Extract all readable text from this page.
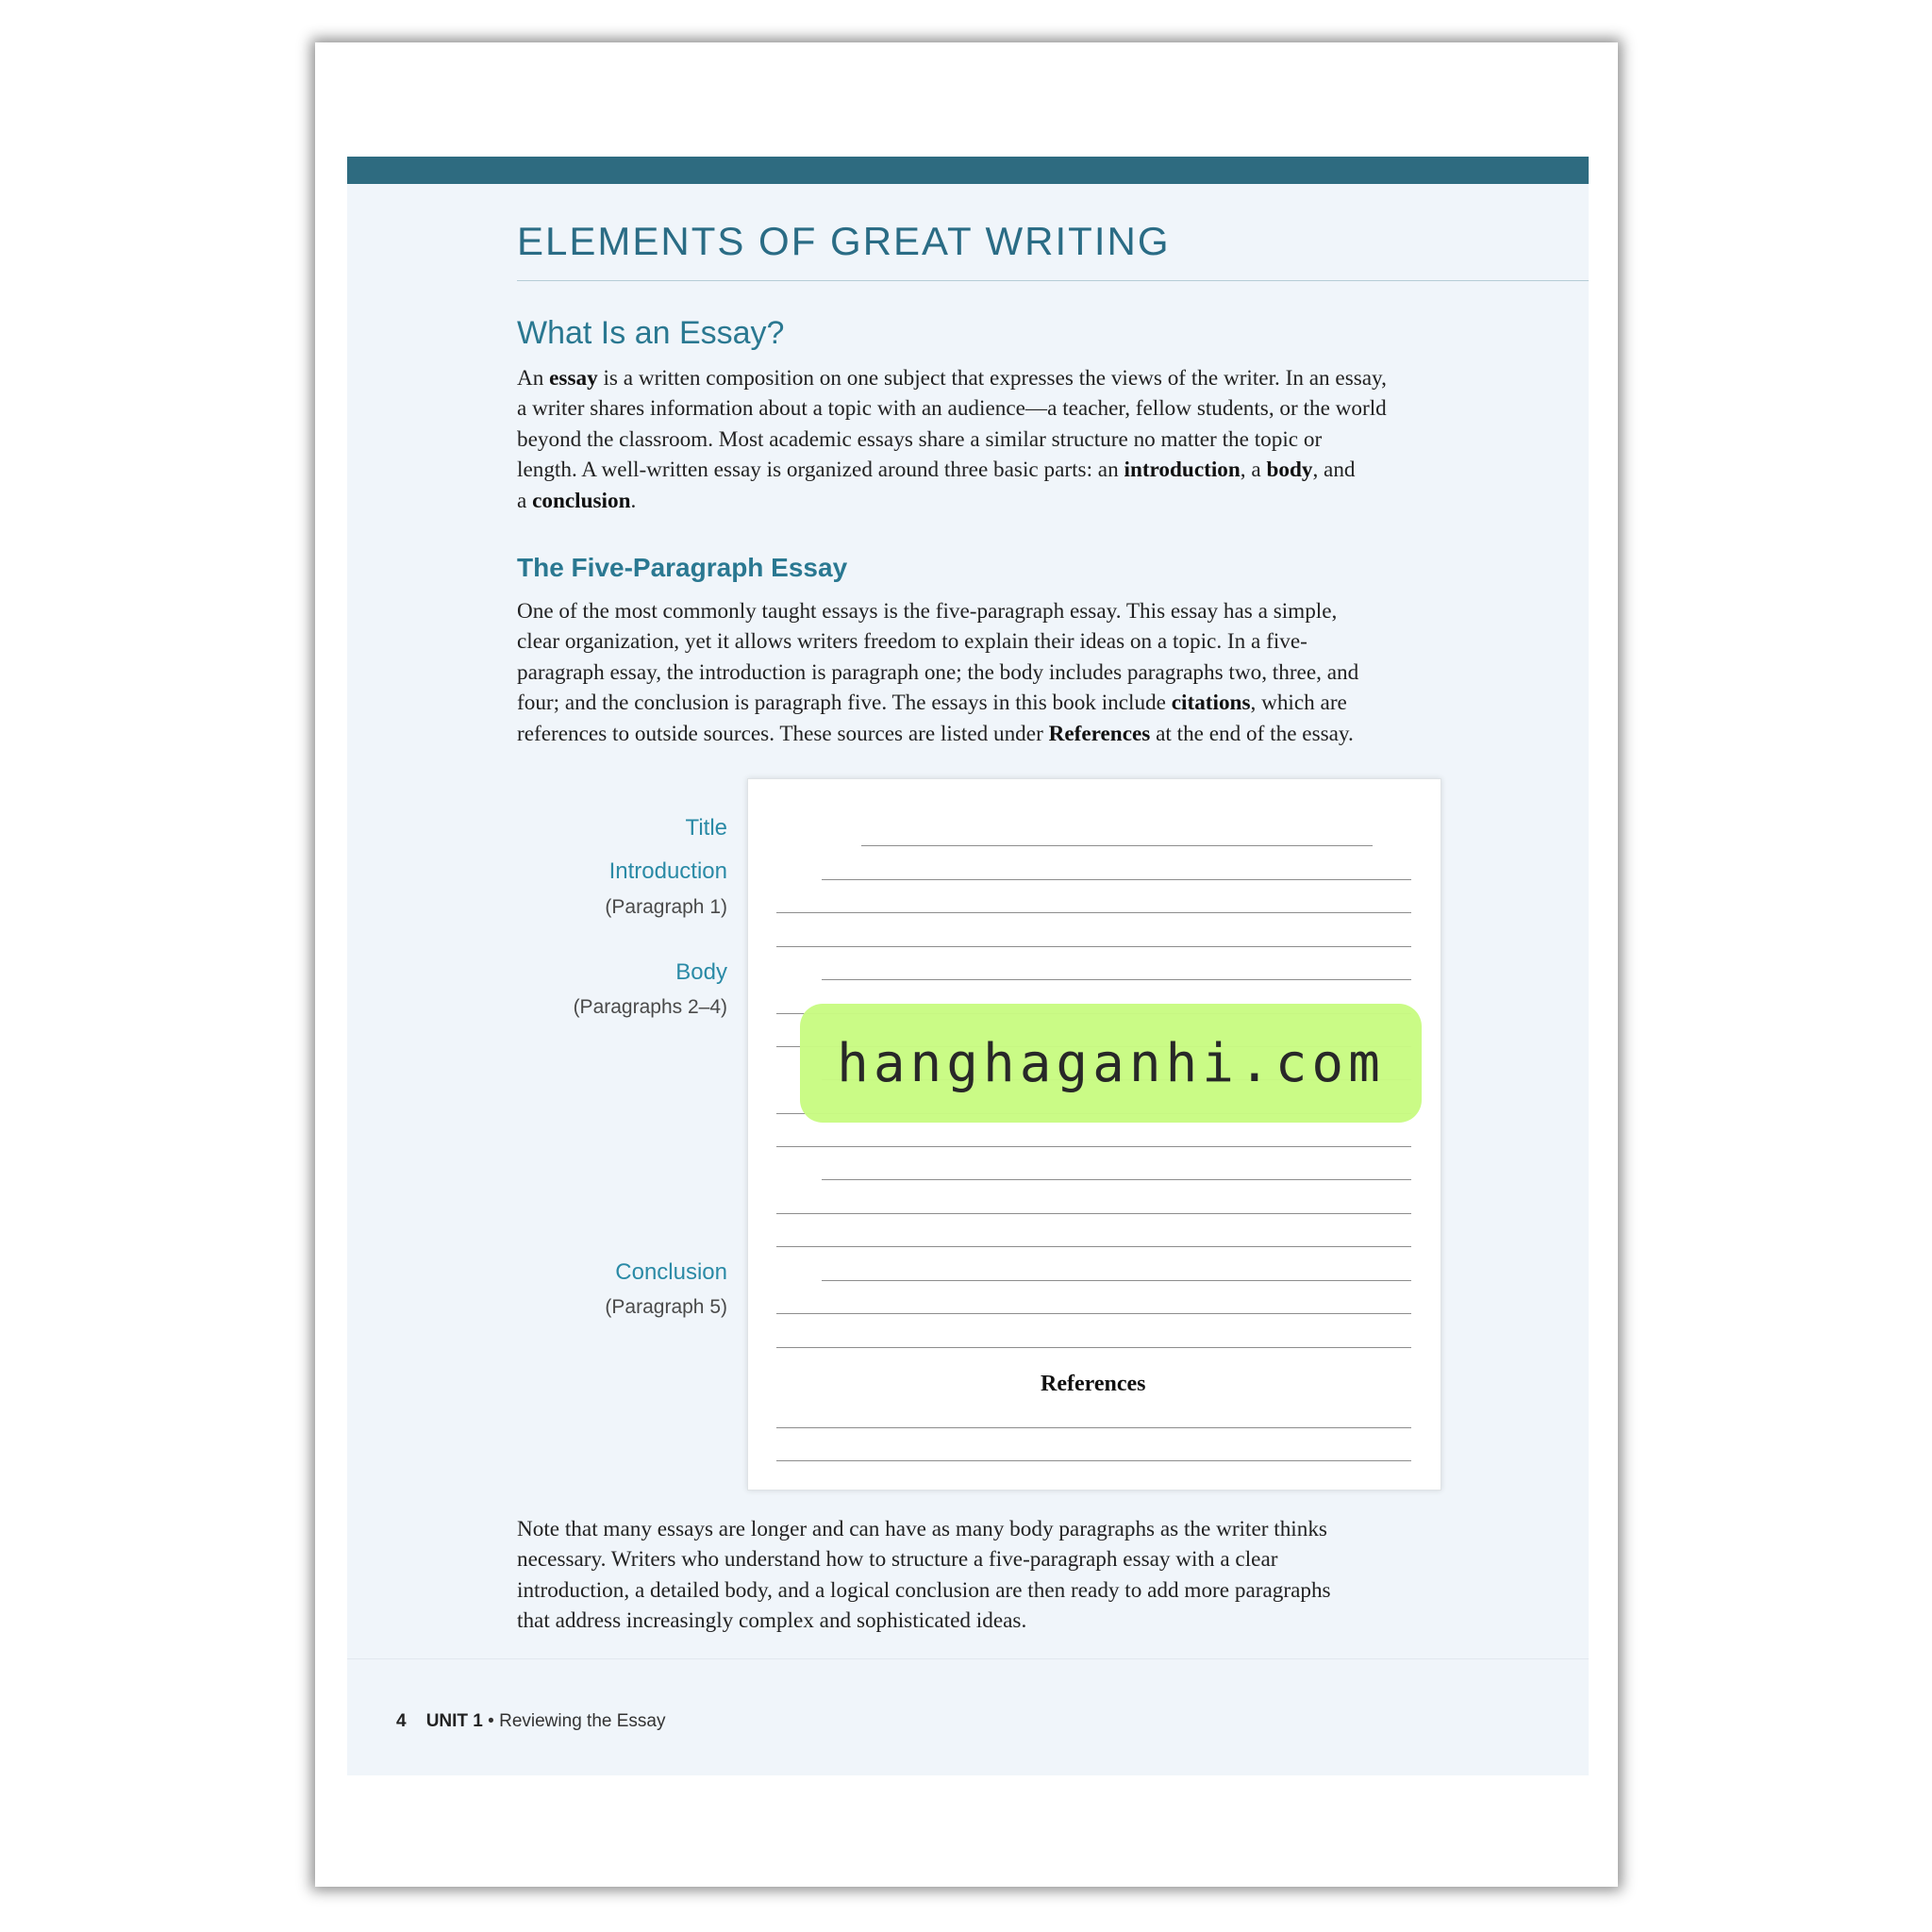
ELEMENTS OF GREAT WRITING
What Is an Essay?
An essay is a written composition on one subject that expresses the views of the writer. In an essay,
a writer shares information about a topic with an audience—a teacher, fellow students, or the world
beyond the classroom. Most academic essays share a similar structure no matter the topic or
length. A well-written essay is organized around three basic parts: an introduction, a body, and
a conclusion.
The Five-Paragraph Essay
One of the most commonly taught essays is the five-paragraph essay. This essay has a simple,
clear organization, yet it allows writers freedom to explain their ideas on a topic. In a five-
paragraph essay, the introduction is paragraph one; the body includes paragraphs two, three, and
four; and the conclusion is paragraph five. The essays in this book include citations, which are
references to outside sources. These sources are listed under References at the end of the essay.
Title
Introduction
(Paragraph 1)
Body
(Paragraphs 2–4)
Conclusion
(Paragraph 5)
References
hanghaganhi.com
Note that many essays are longer and can have as many body paragraphs as the writer thinks
necessary. Writers who understand how to structure a five-paragraph essay with a clear
introduction, a detailed body, and a logical conclusion are then ready to add more paragraphs
that address increasingly complex and sophisticated ideas.
4 UNIT 1 • Reviewing the Essay
